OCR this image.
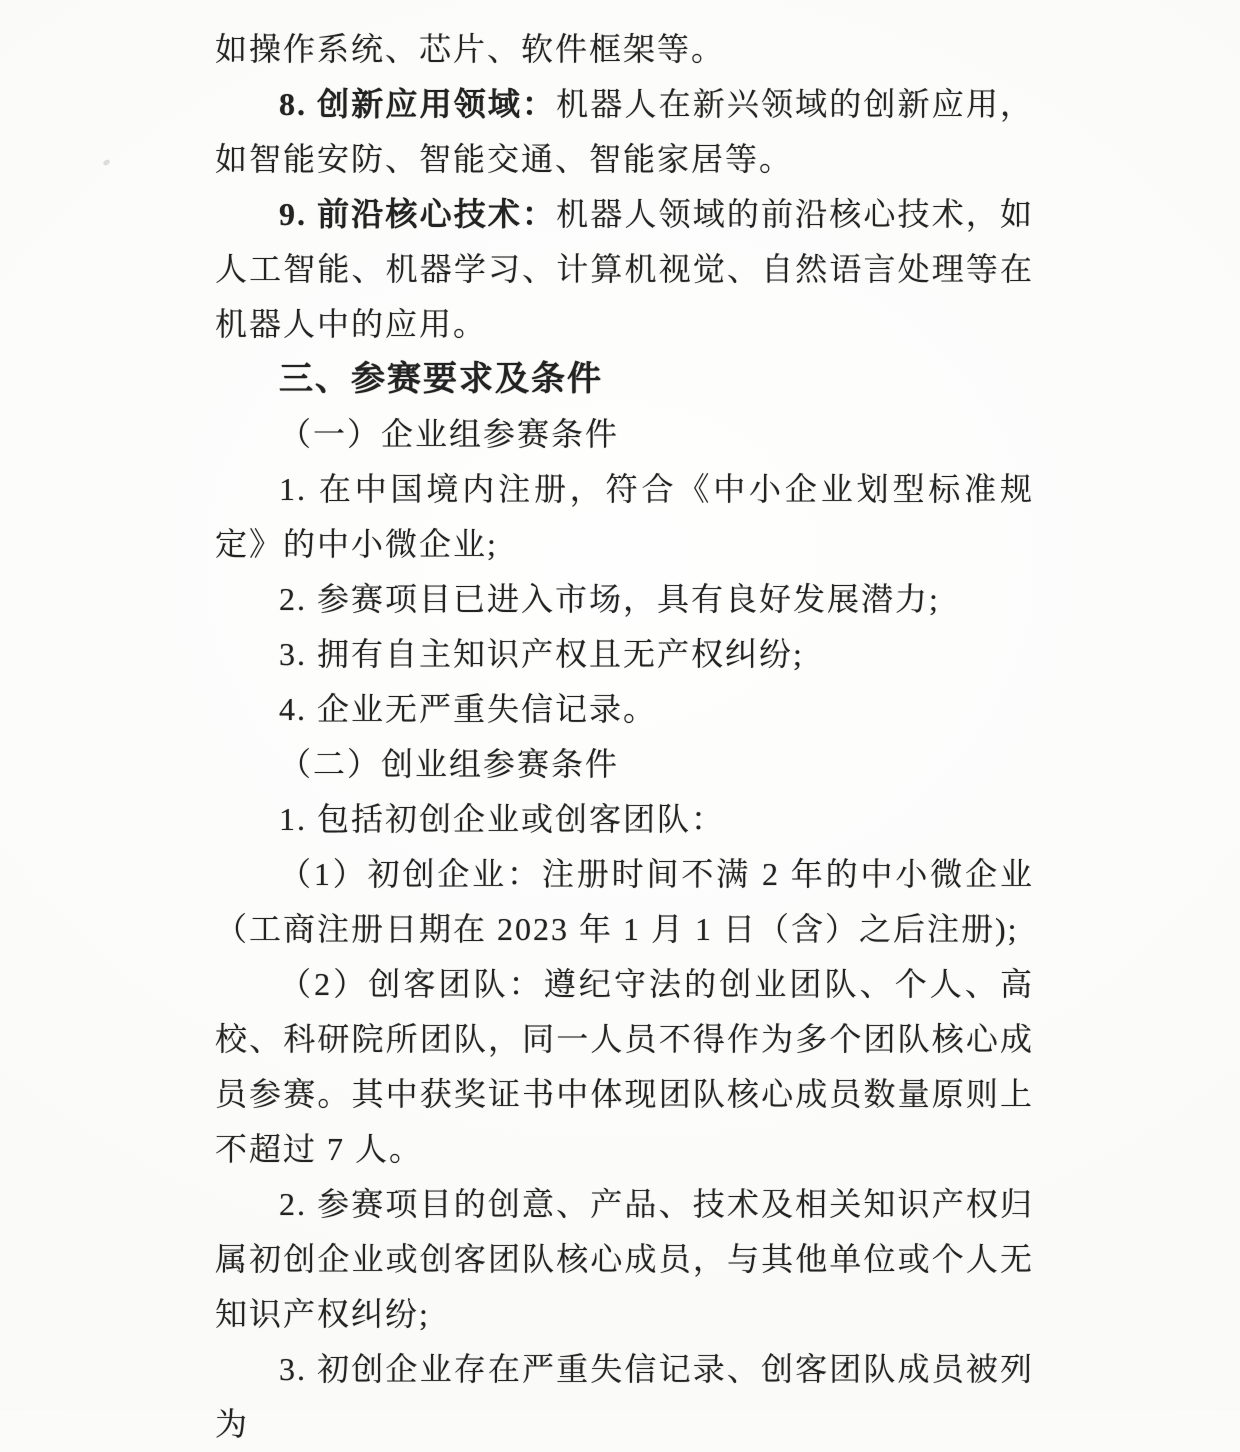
如操作系统、芯片、软件框架等。

8. 创新应用领域：机器人在新兴领域的创新应用，如智能安防、智能交通、智能家居等。

9. 前沿核心技术：机器人领域的前沿核心技术，如人工智能、机器学习、计算机视觉、自然语言处理等在机器人中的应用。

三、参赛要求及条件

（一）企业组参赛条件

1. 在中国境内注册，符合《中小企业划型标准规定》的中小微企业;

2. 参赛项目已进入市场，具有良好发展潜力;

3. 拥有自主知识产权且无产权纠纷;

4. 企业无严重失信记录。

（二）创业组参赛条件

1. 包括初创企业或创客团队：

（1）初创企业：注册时间不满 2 年的中小微企业（工商注册日期在 2023 年 1 月 1 日（含）之后注册);

（2）创客团队：遵纪守法的创业团队、个人、高校、科研院所团队，同一人员不得作为多个团队核心成员参赛。其中获奖证书中体现团队核心成员数量原则上不超过 7 人。

2. 参赛项目的创意、产品、技术及相关知识产权归属初创企业或创客团队核心成员，与其他单位或个人无知识产权纠纷;

3. 初创企业存在严重失信记录、创客团队成员被列为
